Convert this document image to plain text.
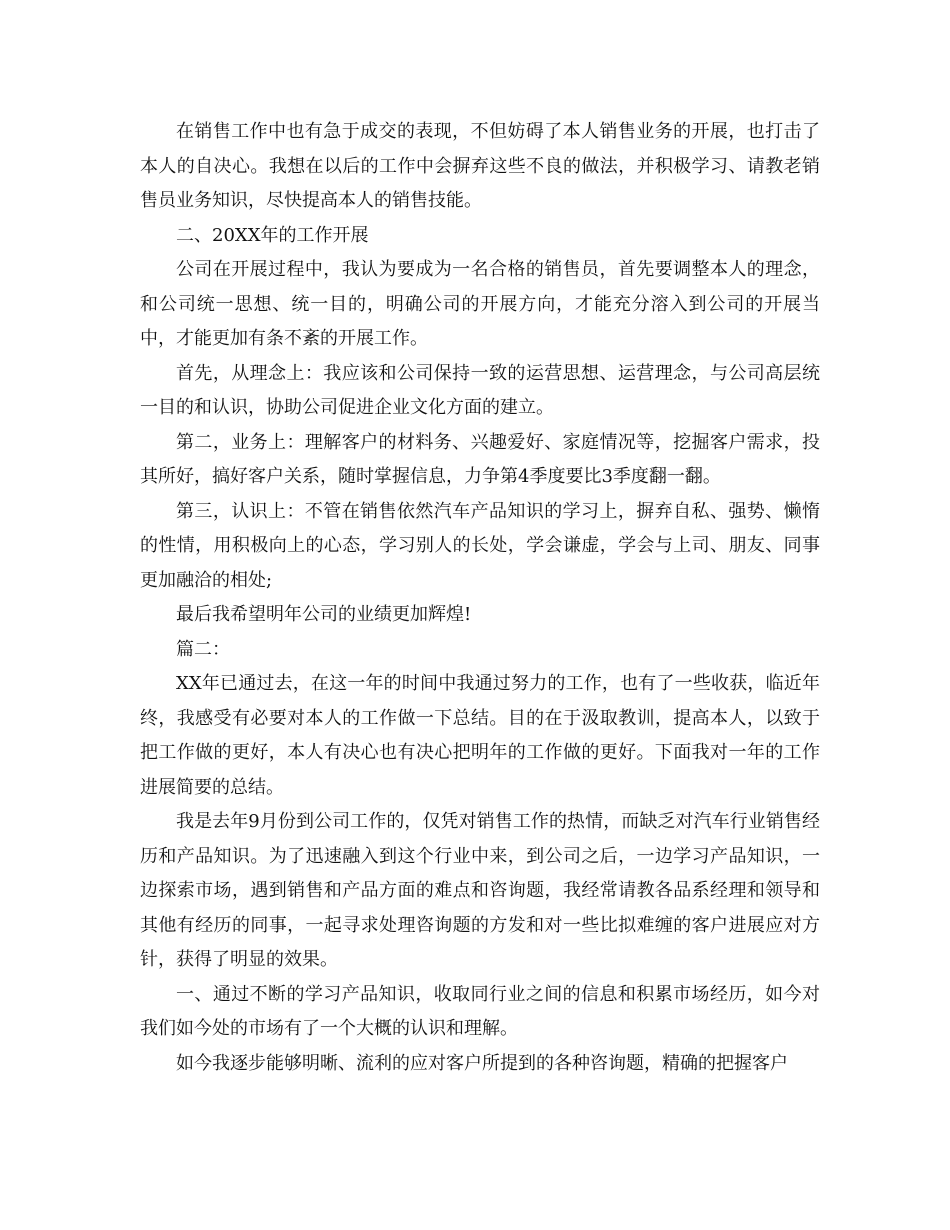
在销售工作中也有急于成交的表现，不但妨碍了本人销售业务的开展，也打击了本人的自决心。我想在以后的工作中会摒弃这些不良的做法，并积极学习、请教老销售员业务知识，尽快提高本人的销售技能。

二、20XX年的工作开展

公司在开展过程中，我认为要成为一名合格的销售员，首先要调整本人的理念，和公司统一思想、统一目的，明确公司的开展方向，才能充分溶入到公司的开展当中，才能更加有条不紊的开展工作。

首先，从理念上：我应该和公司保持一致的运营思想、运营理念，与公司高层统一目的和认识，协助公司促进企业文化方面的建立。

第二，业务上：理解客户的材料务、兴趣爱好、家庭情况等，挖掘客户需求，投其所好，搞好客户关系，随时掌握信息，力争第4季度要比3季度翻一翻。

第三，认识上：不管在销售依然汽车产品知识的学习上，摒弃自私、强势、懒惰的性情，用积极向上的心态，学习别人的长处，学会谦虚，学会与上司、朋友、同事更加融洽的相处;

最后我希望明年公司的业绩更加辉煌!

篇二：

XX年已通过去，在这一年的时间中我通过努力的工作，也有了一些收获，临近年终，我感受有必要对本人的工作做一下总结。目的在于汲取教训，提高本人，以致于把工作做的更好，本人有决心也有决心把明年的工作做的更好。下面我对一年的工作进展简要的总结。

我是去年9月份到公司工作的，仅凭对销售工作的热情，而缺乏对汽车行业销售经历和产品知识。为了迅速融入到这个行业中来，到公司之后，一边学习产品知识，一边探索市场，遇到销售和产品方面的难点和咨询题，我经常请教各品系经理和领导和其他有经历的同事，一起寻求处理咨询题的方发和对一些比拟难缠的客户进展应对方针，获得了明显的效果。

一、通过不断的学习产品知识，收取同行业之间的信息和积累市场经历，如今对我们如今处的市场有了一个大概的认识和理解。

如今我逐步能够明晰、流利的应对客户所提到的各种咨询题，精确的把握客户
